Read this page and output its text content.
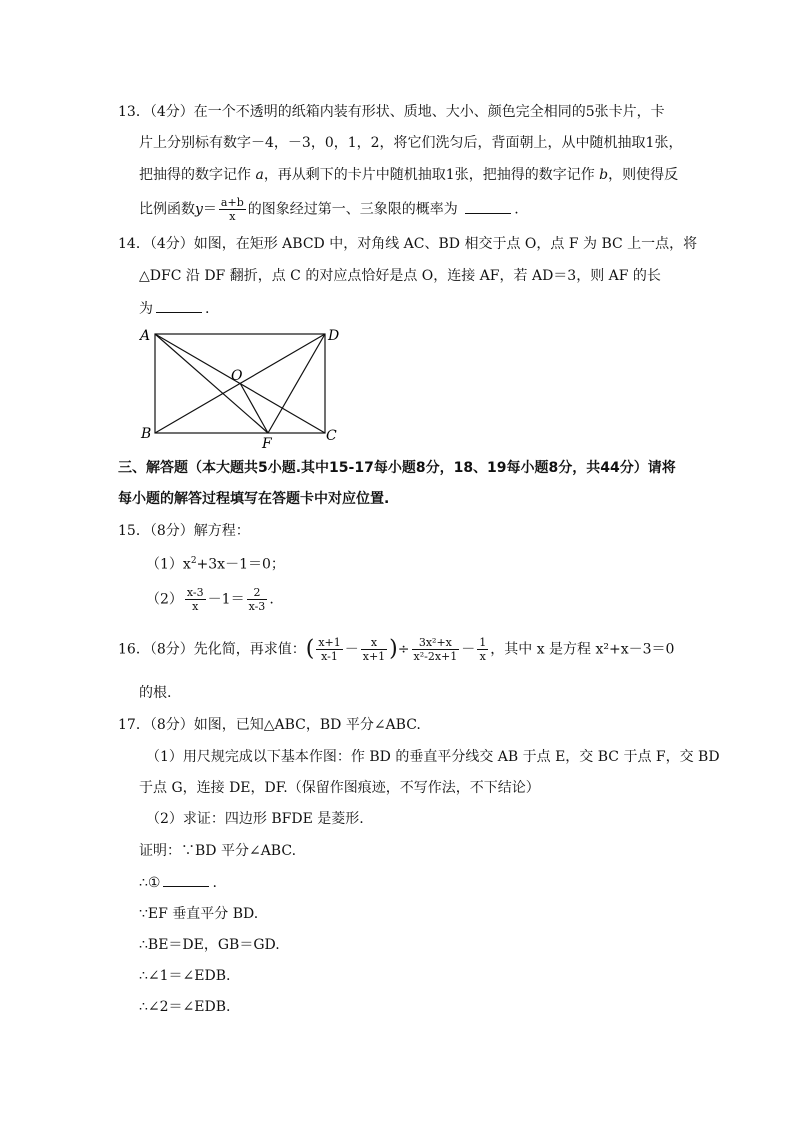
13．（4分）在一个不透明的纸箱内装有形状、质地、大小、颜色完全相同的5张卡片，卡
片上分别标有数字－4，－3，0，1，2，将它们洗匀后，背面朝上，从中随机抽取1张，
把抽得的数字记作 a，再从剩下的卡片中随机抽取1张，把抽得的数字记作 b，则使得反
比例函数$y= \frac{a+b}{x}$ 的图象经过第一、三象限的概率为	.
14．（4分）如图，在矩形 ABCD 中，对角线 AC、BD 相交于点 O，点 F 为 BC 上一点，将
△DFC 沿 DF 翻折，点 C 的对应点恰好是点 O，连接 AF，若 AD＝3，则 AF 的长
为	.
A	D
O
B
F	C
三、解答题（本大题共5小题.其中15-17每小题8分，18、19每小题8分，共44分）请将
每小题的解答过程填写在答题卡中对应位置.
15．（8分）解方程：
$(1)x^2+3x-1=0$；
$(2) \frac{x-3}{x} -1= \frac{2}{x-3}$ .
16．（8分）先化简，再求值：( $\frac{x+1}{x-1} - \frac{x}{x+1}$ )÷ $\frac{\text{3x²+x}}{\text{x²-2x+1}} - \frac{1}{x}$ ，其中 x 是方程 x²+x－3＝0
的根.
17．（8分）如图，已知△ABC，BD 平分∠ABC.
（1）用尺规完成以下基本作图：作 BD 的垂直平分线交 AB 于点 E，交 BC 于点 F，交 BD
于点 G，连接 DE，DF.（保留作图痕迹，不写作法，不下结论）
（2）求证：四边形 BFDE 是菱形.
证明：∵BD 平分∠ABC.
∴①	.
∵EF 垂直平分 BD.
∴BE＝DE，GB＝GD.
∴∠1＝∠EDB.
∴∠2＝∠EDB.
